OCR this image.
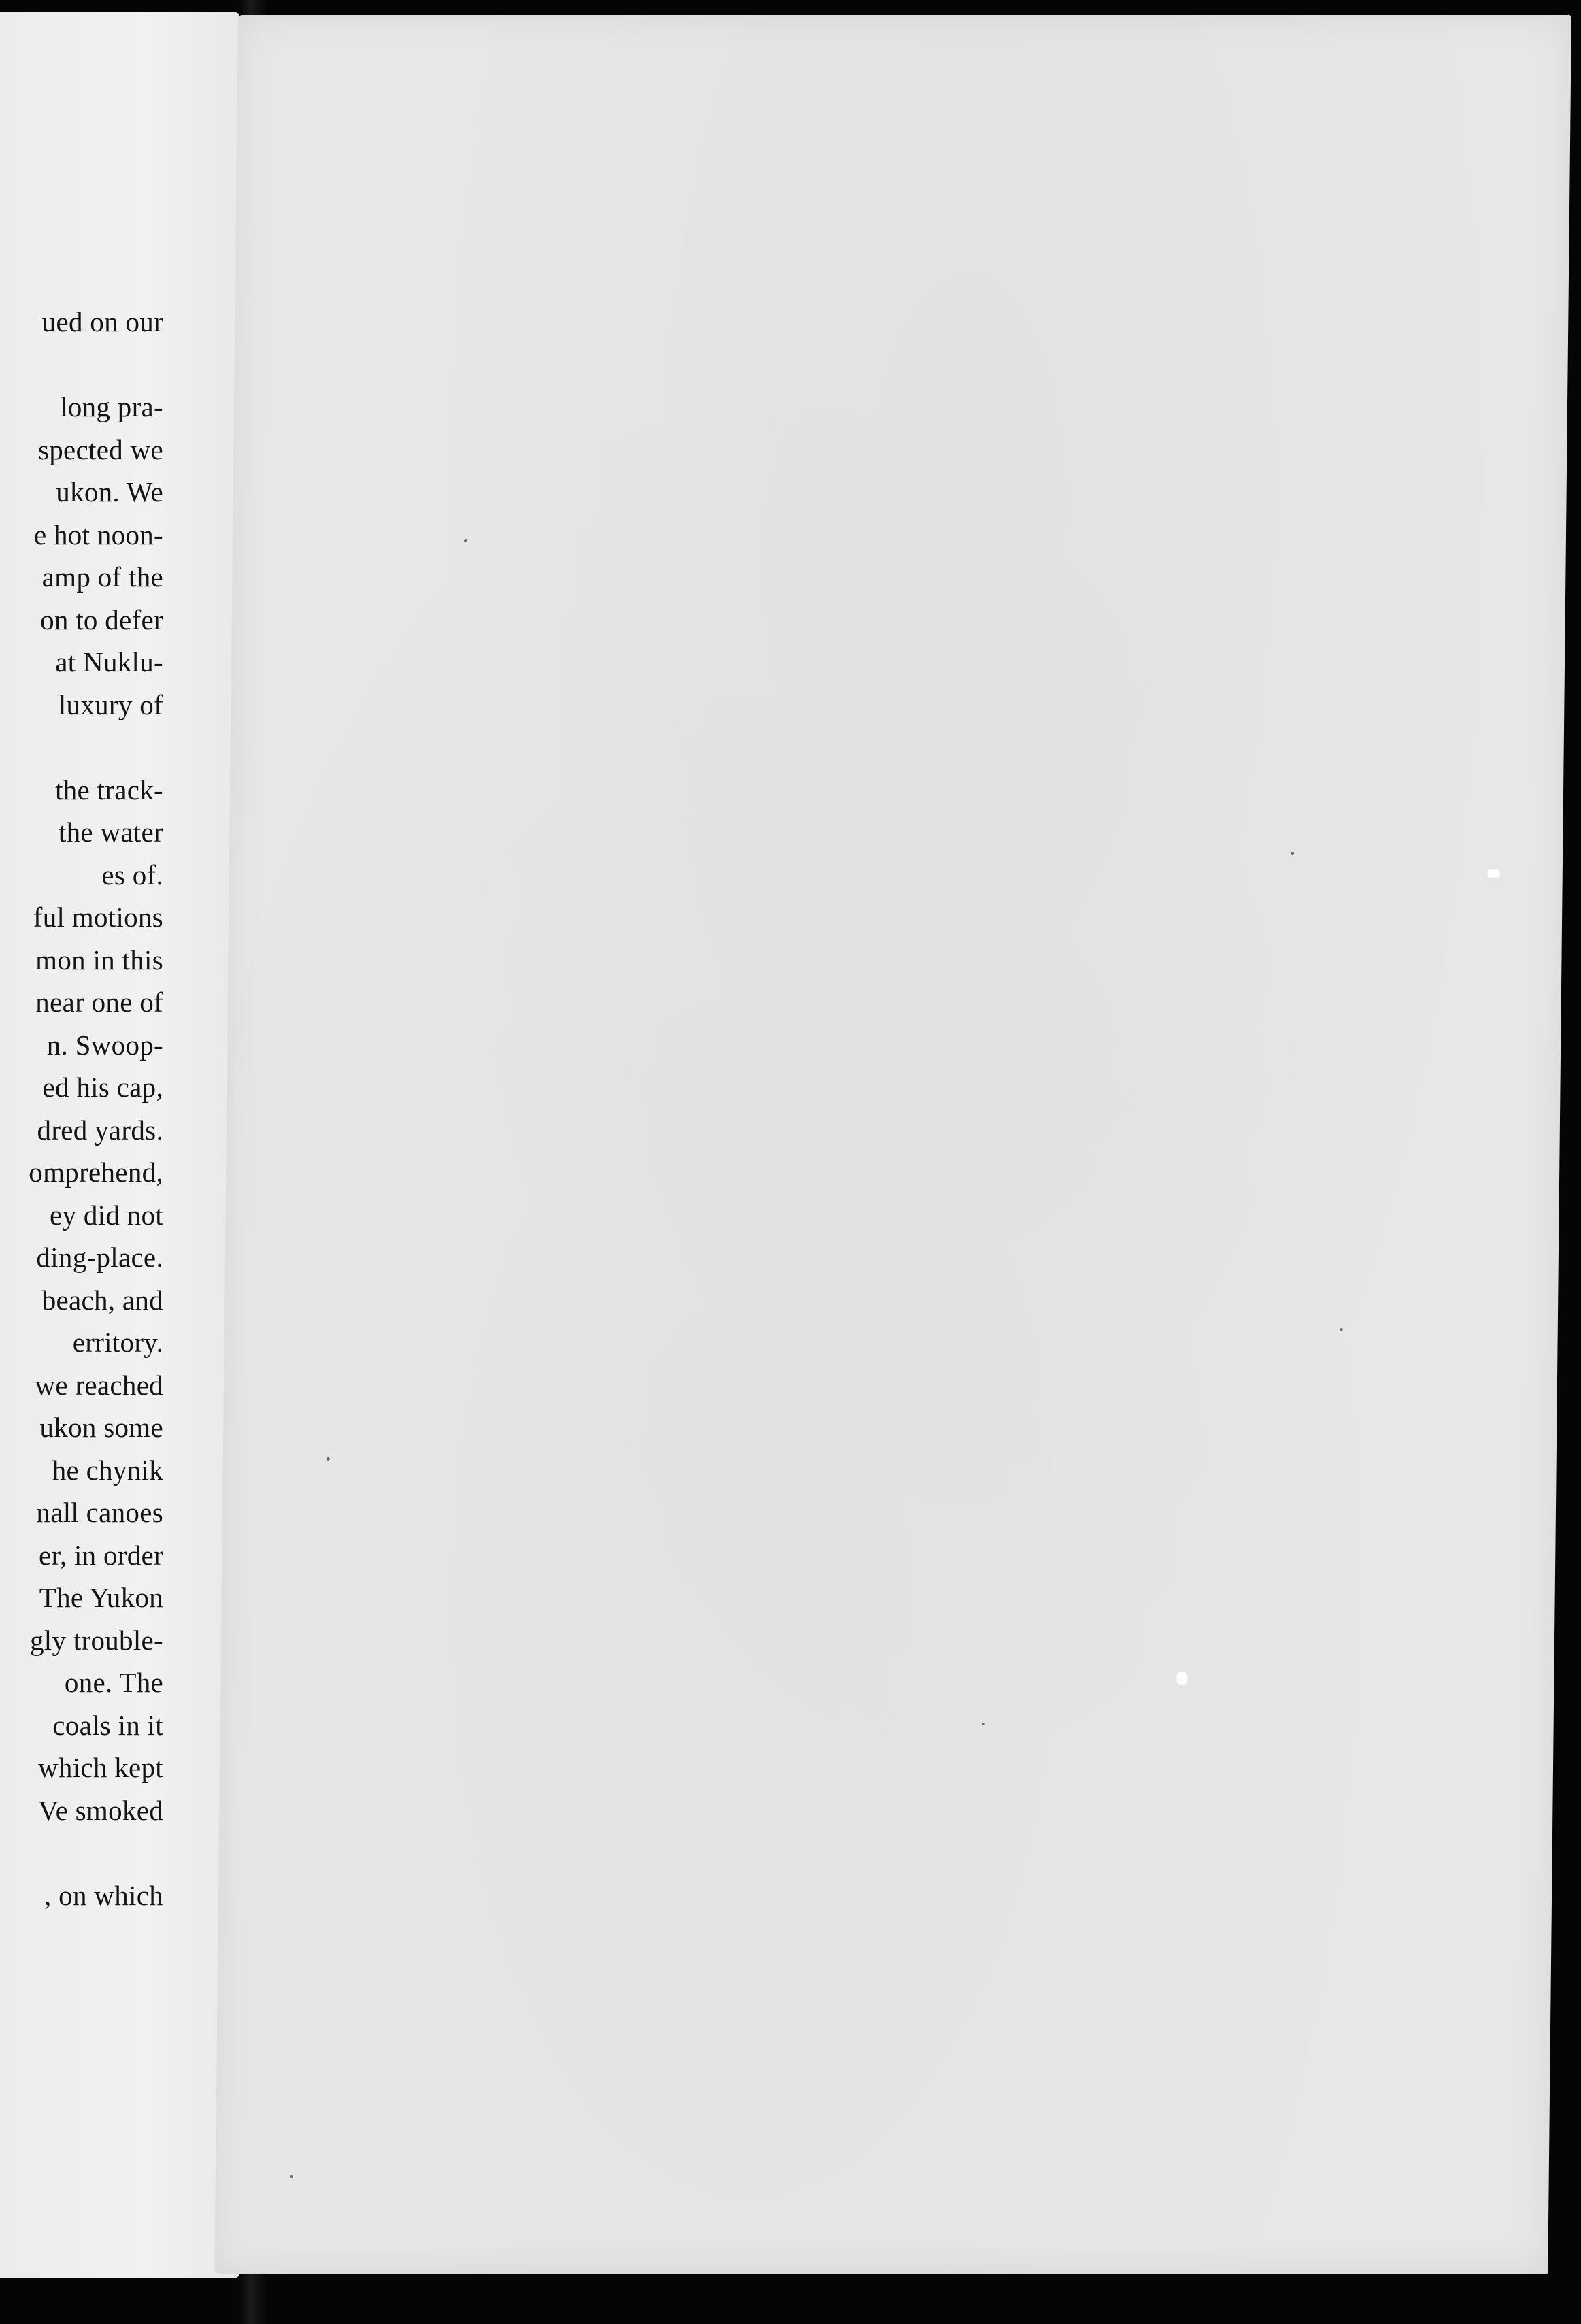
ued on our
long pra-
spected we
ukon. We
e hot noon-
amp of the
on to defer
at Nuklu-
luxury of
the track-
the water
es of.
ful motions
mon in this
near one of
n. Swoop-
ed his cap,
dred yards.
omprehend,
ey did not
ding-place.
beach, and
erritory.
we reached
ukon some
he chynik
nall canoes
er, in order
The Yukon
gly trouble-
one. The
coals in it
which kept
Ve smoked
, on which
